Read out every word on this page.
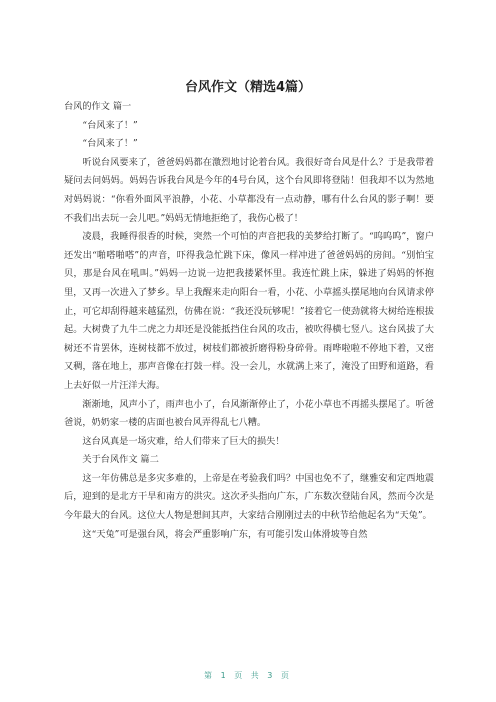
台风作文（精选4篇）

台风的作文 篇一

“台风来了！”

“台风来了！”

听说台风要来了，爸爸妈妈都在激烈地讨论着台风。我很好奇台风是什么？于是我带着疑问去问妈妈。妈妈告诉我台风是今年的4号台风，这个台风即将登陆！但我却不以为然地对妈妈说：“你看外面风平浪静，小花、小草都没有一点动静，哪有什么台风的影子啊！要不我们出去玩一会儿吧。”妈妈无情地拒绝了，我伤心极了！

凌晨，我睡得很香的时候，突然一个可怕的声音把我的美梦给打断了。“呜呜呜”，窗户还发出“啪嗒啪嗒”的声音，吓得我急忙跳下床，像风一样冲进了爸爸妈妈的房间。“别怕宝贝，那是台风在吼叫。”妈妈一边说一边把我搂紧怀里。我连忙跳上床，躲进了妈妈的怀抱里，又再一次进入了梦乡。早上我醒来走向阳台一看，小花、小草摇头摆尾地向台风请求停止，可它却刮得越来越猛烈，仿佛在说：“我还没玩够呢！”接着它一使劲就将大树给连根拔起。大树费了九牛二虎之力却还是没能抵挡住台风的攻击，被吹得横七竖八。这台风拔了大树还不肯罢休，连树枝都不放过，树枝们都被折磨得粉身碎骨。雨哗啦啦不停地下着，又密又稠，落在地上，那声音像在打鼓一样。没一会儿，水就满上来了，淹没了田野和道路，看上去好似一片汪洋大海。

渐渐地，风声小了，雨声也小了，台风渐渐停止了，小花小草也不再摇头摆尾了。听爸爸说，奶奶家一楼的店面也被台风弄得乱七八糟。

这台风真是一场灾难，给人们带来了巨大的损失！

关于台风作文 篇二

这一年仿佛总是多灾多难的，上帝是在考验我们吗？中国也免不了，继雅安和定西地震后，迎到的是北方干旱和南方的洪灾。这次矛头指向广东，广东数次登陆台风，然而今次是今年最大的台风。这位大人物是想间其声，大家结合刚刚过去的中秋节给他起名为“天兔”。

这“天兔”可是强台风，将会严重影响广东，有可能引发山体滑坡等自然

第 1 页 共 3 页
